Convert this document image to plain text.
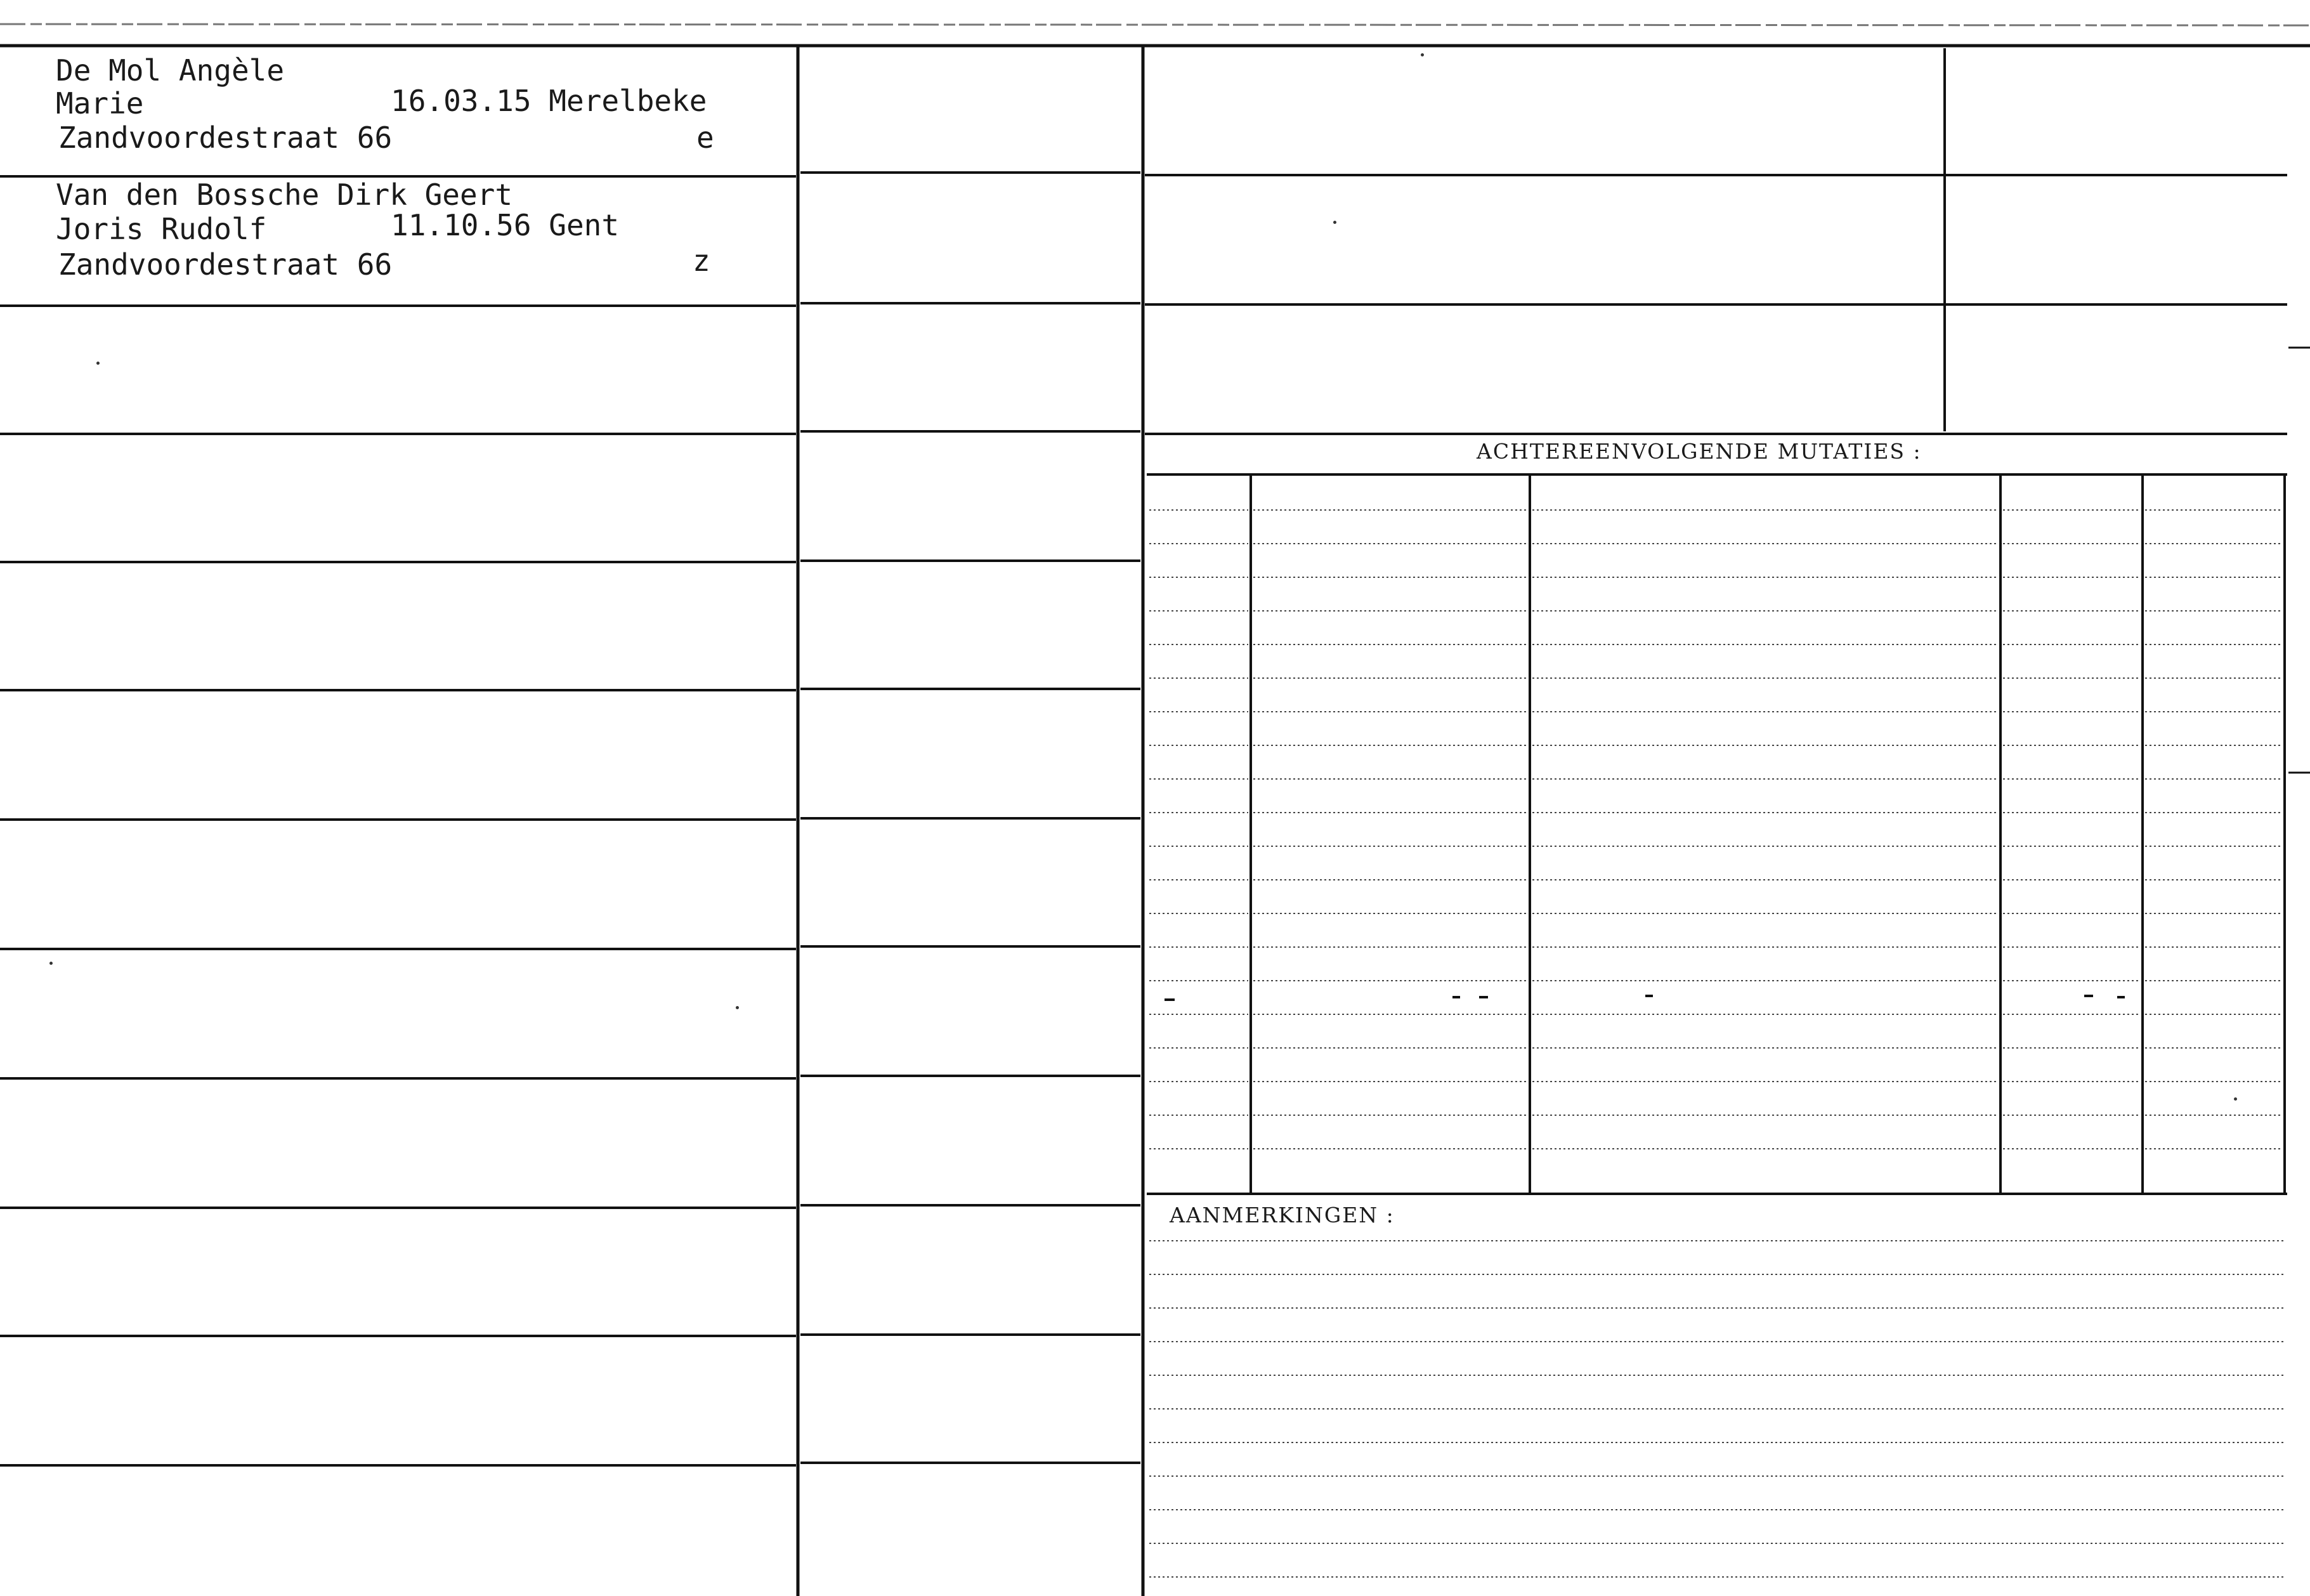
De Mol Angèle
Marie	16.03.15 Merelbeke
Zandvoordestraat 66	e
Van den Bossche Dirk Geert
Joris Rudolf	11.10.56 Gent
Zandvoordestraat 66	z
ACHTEREENVOLGENDE MUTATIES :
AANMERKINGEN :
